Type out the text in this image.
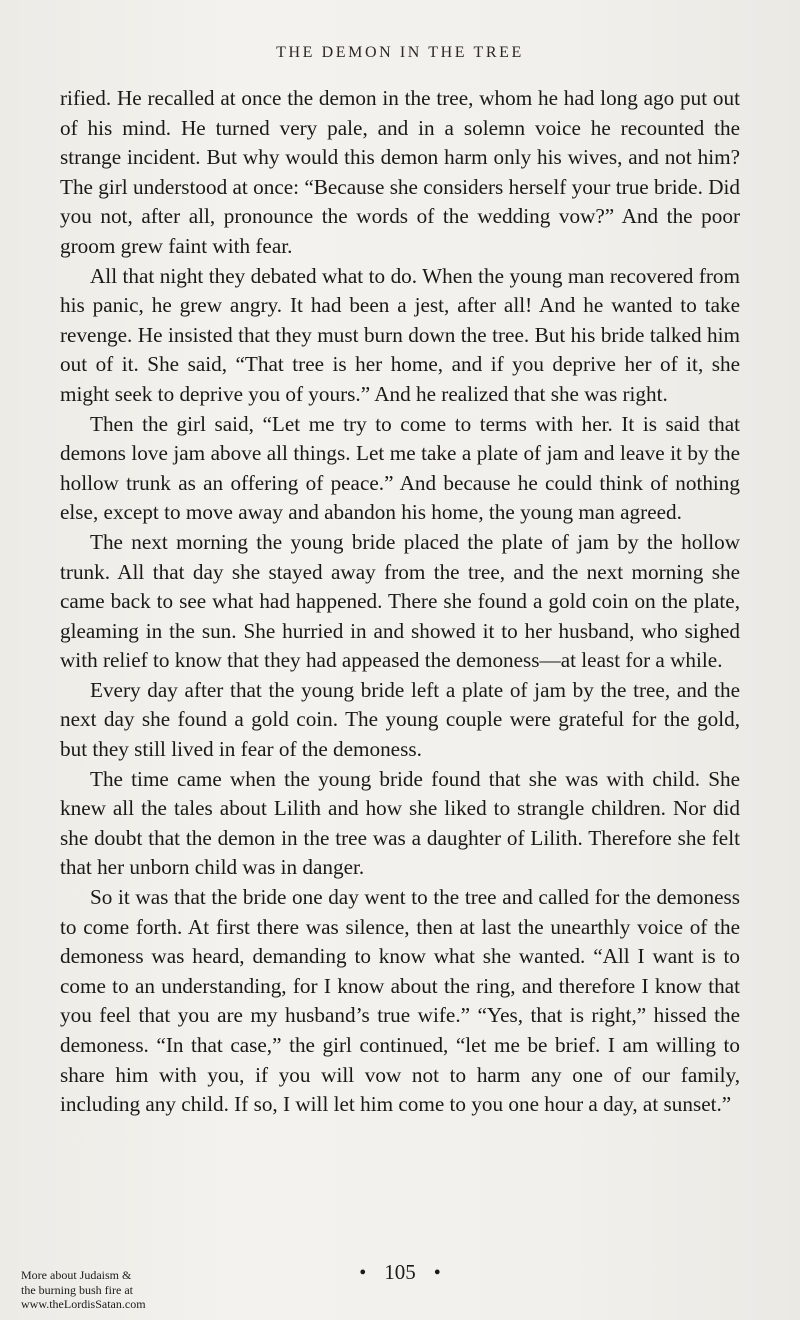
THE DEMON IN THE TREE

rified. He recalled at once the demon in the tree, whom he had long ago put out of his mind. He turned very pale, and in a solemn voice he recounted the strange incident. But why would this demon harm only his wives, and not him? The girl understood at once: “Because she considers herself your true bride. Did you not, after all, pronounce the words of the wedding vow?” And the poor groom grew faint with fear.

All that night they debated what to do. When the young man recovered from his panic, he grew angry. It had been a jest, after all! And he wanted to take revenge. He insisted that they must burn down the tree. But his bride talked him out of it. She said, “That tree is her home, and if you deprive her of it, she might seek to deprive you of yours.” And he realized that she was right.

Then the girl said, “Let me try to come to terms with her. It is said that demons love jam above all things. Let me take a plate of jam and leave it by the hollow trunk as an offering of peace.” And because he could think of nothing else, except to move away and abandon his home, the young man agreed.

The next morning the young bride placed the plate of jam by the hollow trunk. All that day she stayed away from the tree, and the next morning she came back to see what had happened. There she found a gold coin on the plate, gleaming in the sun. She hurried in and showed it to her husband, who sighed with relief to know that they had appeased the demoness—at least for a while.

Every day after that the young bride left a plate of jam by the tree, and the next day she found a gold coin. The young couple were grateful for the gold, but they still lived in fear of the demoness.

The time came when the young bride found that she was with child. She knew all the tales about Lilith and how she liked to strangle children. Nor did she doubt that the demon in the tree was a daughter of Lilith. Therefore she felt that her unborn child was in danger.

So it was that the bride one day went to the tree and called for the demoness to come forth. At first there was silence, then at last the unearthly voice of the demoness was heard, demanding to know what she wanted. “All I want is to come to an understanding, for I know about the ring, and therefore I know that you feel that you are my husband’s true wife.” “Yes, that is right,” hissed the demoness. “In that case,” the girl continued, “let me be brief. I am willing to share him with you, if you will vow not to harm any one of our family, including any child. If so, I will let him come to you one hour a day, at sunset.”

• 105 •
More about Judaism &
the burning bush fire at
www.theLordisSatan.com
